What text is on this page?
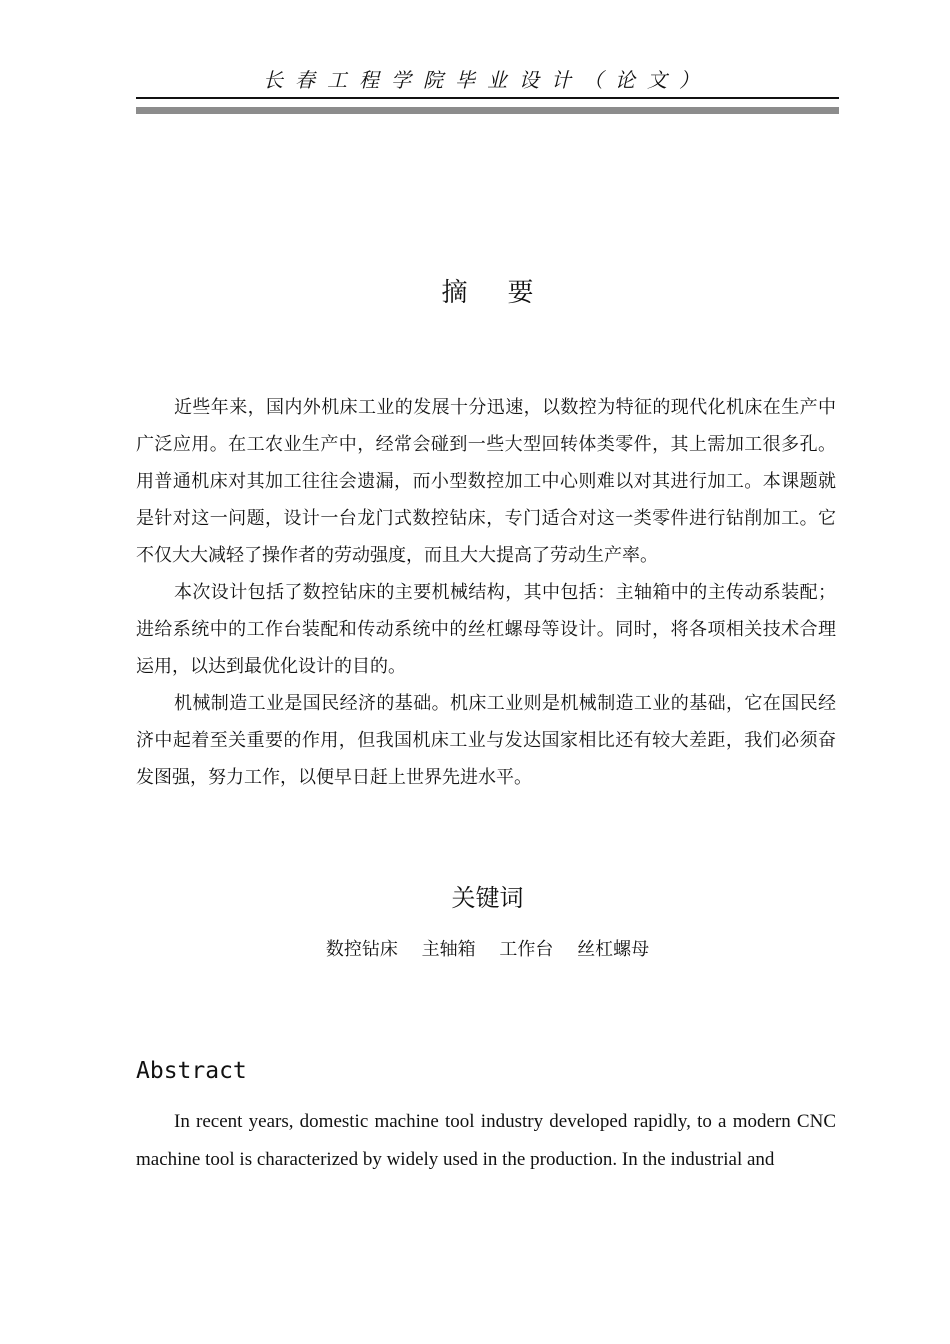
长春工程学院毕业设计（论文）
摘要

近些年来，国内外机床工业的发展十分迅速，以数控为特征的现代化机床在生产中广泛应用。在工农业生产中，经常会碰到一些大型回转体类零件，其上需加工很多孔。用普通机床对其加工往往会遗漏，而小型数控加工中心则难以对其进行加工。本课题就是针对这一问题，设计一台龙门式数控钻床，专门适合对这一类零件进行钻削加工。它不仅大大减轻了操作者的劳动强度，而且大大提高了劳动生产率。

本次设计包括了数控钻床的主要机械结构，其中包括：主轴箱中的主传动系装配；进给系统中的工作台装配和传动系统中的丝杠螺母等设计。同时，将各项相关技术合理运用，以达到最优化设计的目的。

机械制造工业是国民经济的基础。机床工业则是机械制造工业的基础，它在国民经济中起着至关重要的作用，但我国机床工业与发达国家相比还有较大差距，我们必须奋发图强，努力工作，以便早日赶上世界先进水平。

关键词
数控钻床 主轴箱 工作台 丝杠螺母
Abstract

In recent years, domestic machine tool industry developed rapidly, to a modern CNC machine tool is characterized by widely used in the production. In the industrial and
